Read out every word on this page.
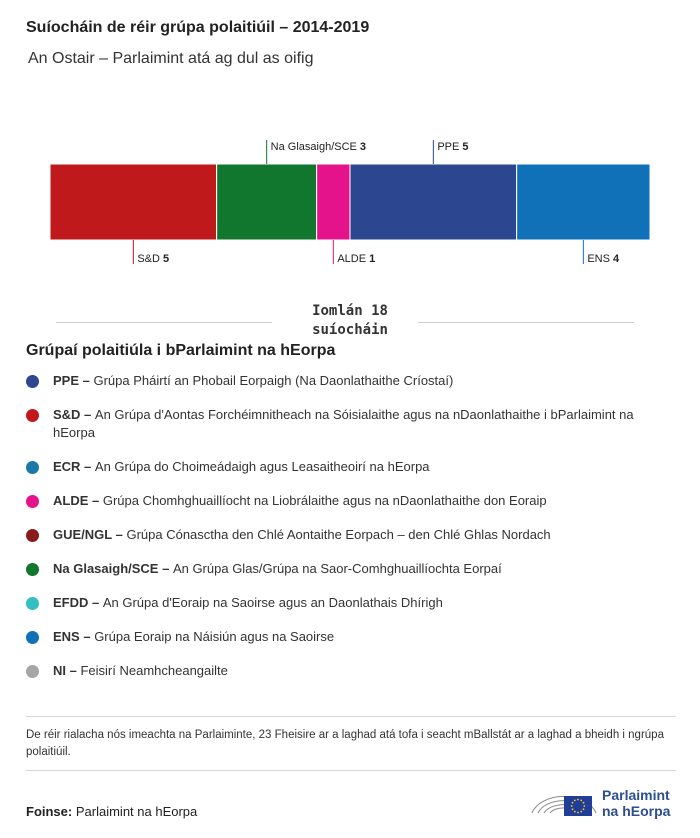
Suíocháin de réir grúpa polaitiúil – 2014-2019
An Ostair – Parlaimint atá ag dul as oifig
S&D 5
Na Glasaigh/SCE 3
ALDE 1
PPE 5
ENS 4
Iomlán 18 suíocháin
Grúpaí polaitiúla i bParlaimint na hEorpa
PPE – Grúpa Pháirtí an Phobail Eorpaigh (Na Daonlathaithe Críostaí)
S&D – An Grúpa d'Aontas Forchéimnitheach na Sóisialaithe agus na nDaonlathaithe i bParlaimint na hEorpa
ECR – An Grúpa do Choimeádaigh agus Leasaitheoirí na hEorpa
ALDE – Grúpa Chomhghuaillíocht na Liobrálaithe agus na nDaonlathaithe don Eoraip
GUE/NGL – Grúpa Cónasctha den Chlé Aontaithe Eorpach – den Chlé Ghlas Nordach
Na Glasaigh/SCE – An Grúpa Glas/Grúpa na Saor-Comhghuaillíochta Eorpaí
EFDD – An Grúpa d'Eoraip na Saoirse agus an Daonlathais Dhírigh
ENS – Grúpa Eoraip na Náisiún agus na Saoirse
NI – Feisirí Neamhcheangailte
De réir rialacha nós imeachta na Parlaiminte, 23 Fheisire ar a laghad atá tofa i seacht mBallstát ar a laghad a bheidh i ngrúpa polaitiúil.
Foinse: Parlaimint na hEorpa
Parlaimint
na hEorpa
